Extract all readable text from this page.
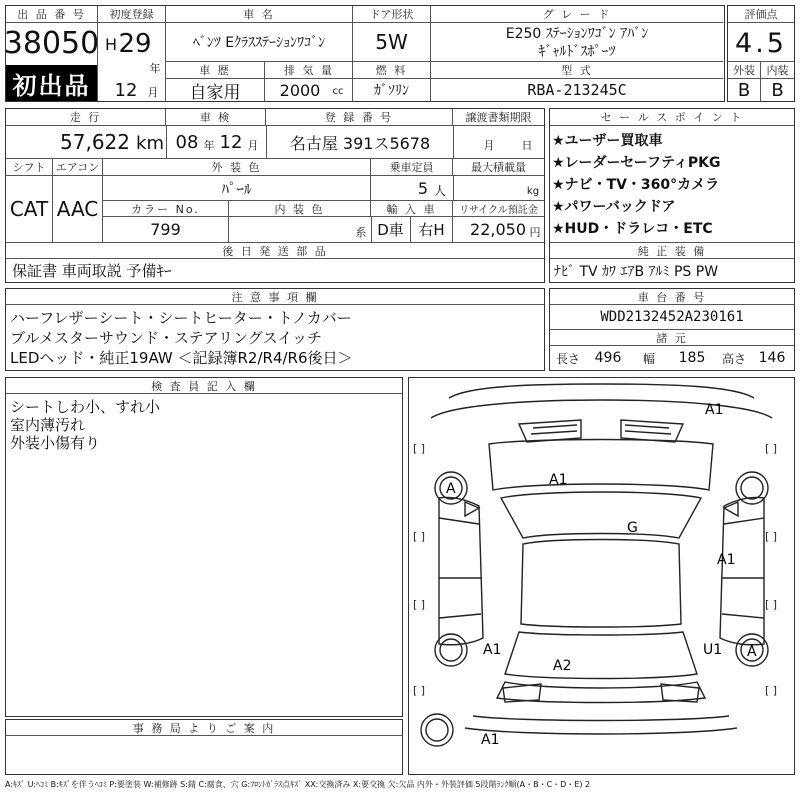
出 品 番 号
38050
初出品
初度登録
H 29
年
12 月
車 名
ﾍﾞﾝﾂ Eｸﾗｽｽﾃｰｼｮﾝﾜｺﾞﾝ
ドア形状
5W
グ レ ー ド
E250 ｽﾃｰｼｮﾝﾜｺﾞﾝ ｱﾊﾞﾝ
ｷﾞｬﾙﾄﾞｽﾎﾟｰﾂ
車 歴
自家用
排 気 量
2000	cc
燃 料
ｶﾞｿﾘﾝ
型 式
RBA-213245C
評価点
4.5
外装	内装
B	B
走 行	車 検	登 録 番 号	譲渡書類期限
57,622 km 08 年 12 月	名古屋 391ス5678	月 日
シフト エアコン
CAT AAC
外 装 色	乗車定員	最大積載量
ﾊﾟｰﾙ	5 人	kg
カラー No.	内 装 色	輸 入 車	リサイクル預託金
799	系 D車 右H	22,050 円
後 日 発 送 部 品
保証書 車両取説 予備ｷｰ
セ ー ル ス ポ イ ン ト
★ユーザー買取車
★レーダーセーフティPKG
★ナビ・TV・360°カメラ
★パワーバックドア
★HUD・ドラレコ・ETC
純 正 装 備
ﾅﾋﾞ TV ｶﾜ ｴｱB ｱﾙﾐ PS PW
注 意 事 項 欄
ハーフレザーシート・シートヒーター・トノカバー
ブルメスターサウンド・ステアリングスイッチ
LEDヘッド・純正19AW ＜記録簿R2/R4/R6後日＞
車 台 番 号
WDD2132452A230161
諸 元
長さ	496	幅	185	高さ 146
検 査 員 記 入 欄
シートしわ小、すれ小
室内薄汚れ
外装小傷有り
事 務 局 よ り ご 案 内
[ ]	[ ]
[ ]	[ ]
[ ]	[ ]
[ ]	[ ]
A1
A
A1
G
A1
A1	U1 A
A2
A1
A:ｷｽﾞ U:ﾍｺﾐ B:ｷｽﾞを伴うﾍｺﾐ P:要塗装 W:補修跡 S:錆 C:腐食、穴 G:ﾌﾛﾝﾄｶﾞﾗｽ点ｷｽﾞ XX:交換済み X:要交換 欠:欠品 内外・外装評価 5段階ﾗﾝｸ順(A・B・C・D・E) 2
